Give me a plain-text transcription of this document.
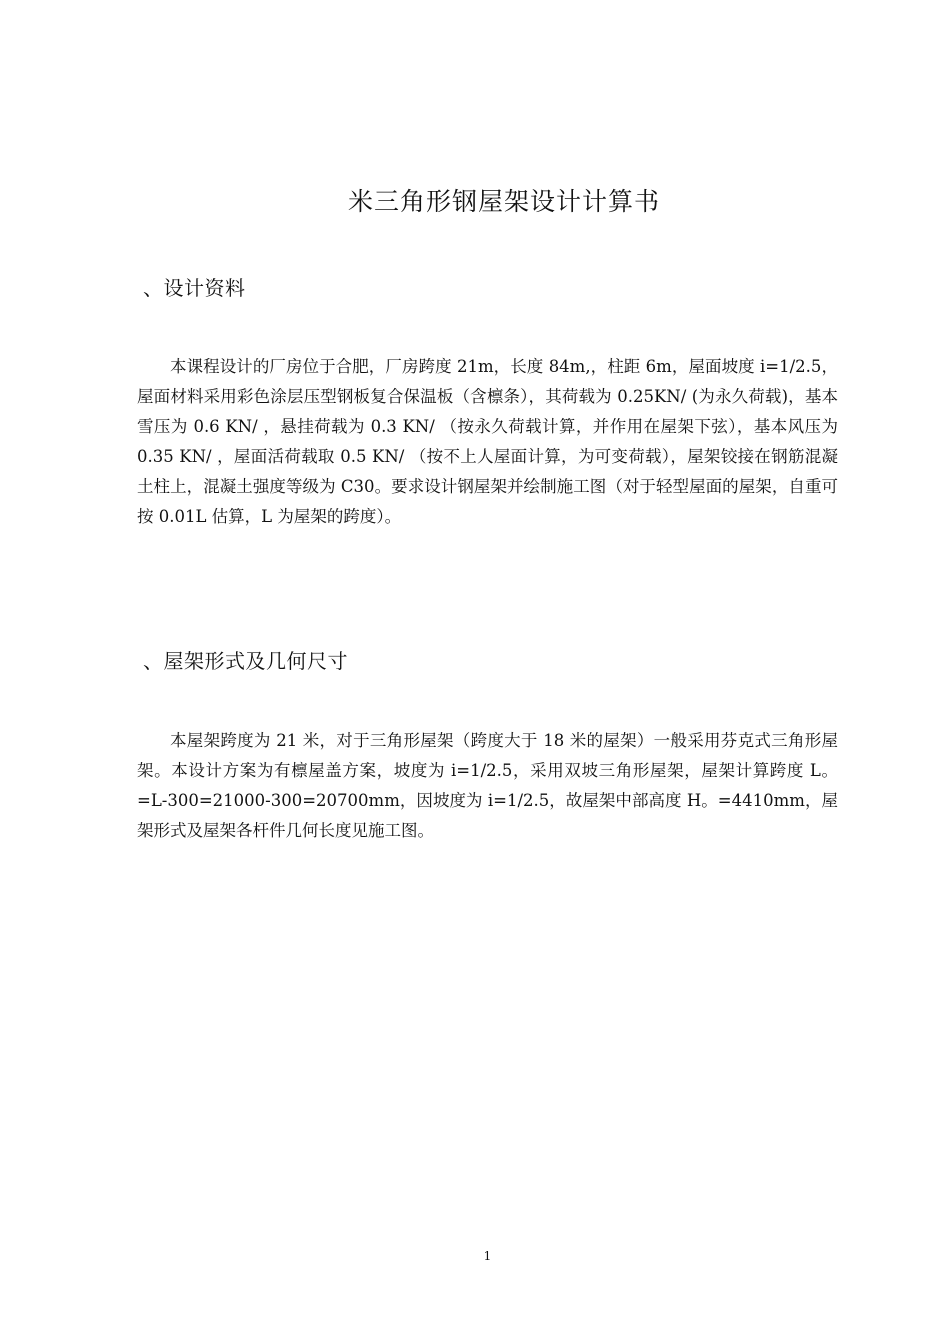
米三角形钢屋架设计计算书
、设计资料

本课程设计的厂房位于合肥，厂房跨度 21m，长度 84m,，柱距 6m，屋面坡度 i=1/2.5，屋面材料采用彩色涂层压型钢板复合保温板（含檩条），其荷载为 0.25KN/ (为永久荷载)，基本雪压为 0.6 KN/ ，悬挂荷载为 0.3 KN/ （按永久荷载计算，并作用在屋架下弦），基本风压为 0.35 KN/ ，屋面活荷载取 0.5 KN/ （按不上人屋面计算，为可变荷载），屋架铰接在钢筋混凝土柱上，混凝土强度等级为 C30。要求设计钢屋架并绘制施工图（对于轻型屋面的屋架，自重可按 0.01L 估算，L 为屋架的跨度）。

、屋架形式及几何尺寸

本屋架跨度为 21 米，对于三角形屋架（跨度大于 18 米的屋架）一般采用芬克式三角形屋架。本设计方案为有檩屋盖方案，坡度为 i=1/2.5，采用双坡三角形屋架，屋架计算跨度 L。=L-300=21000-300=20700mm，因坡度为 i=1/2.5，故屋架中部高度 H。=4410mm，屋架形式及屋架各杆件几何长度见施工图。

1
